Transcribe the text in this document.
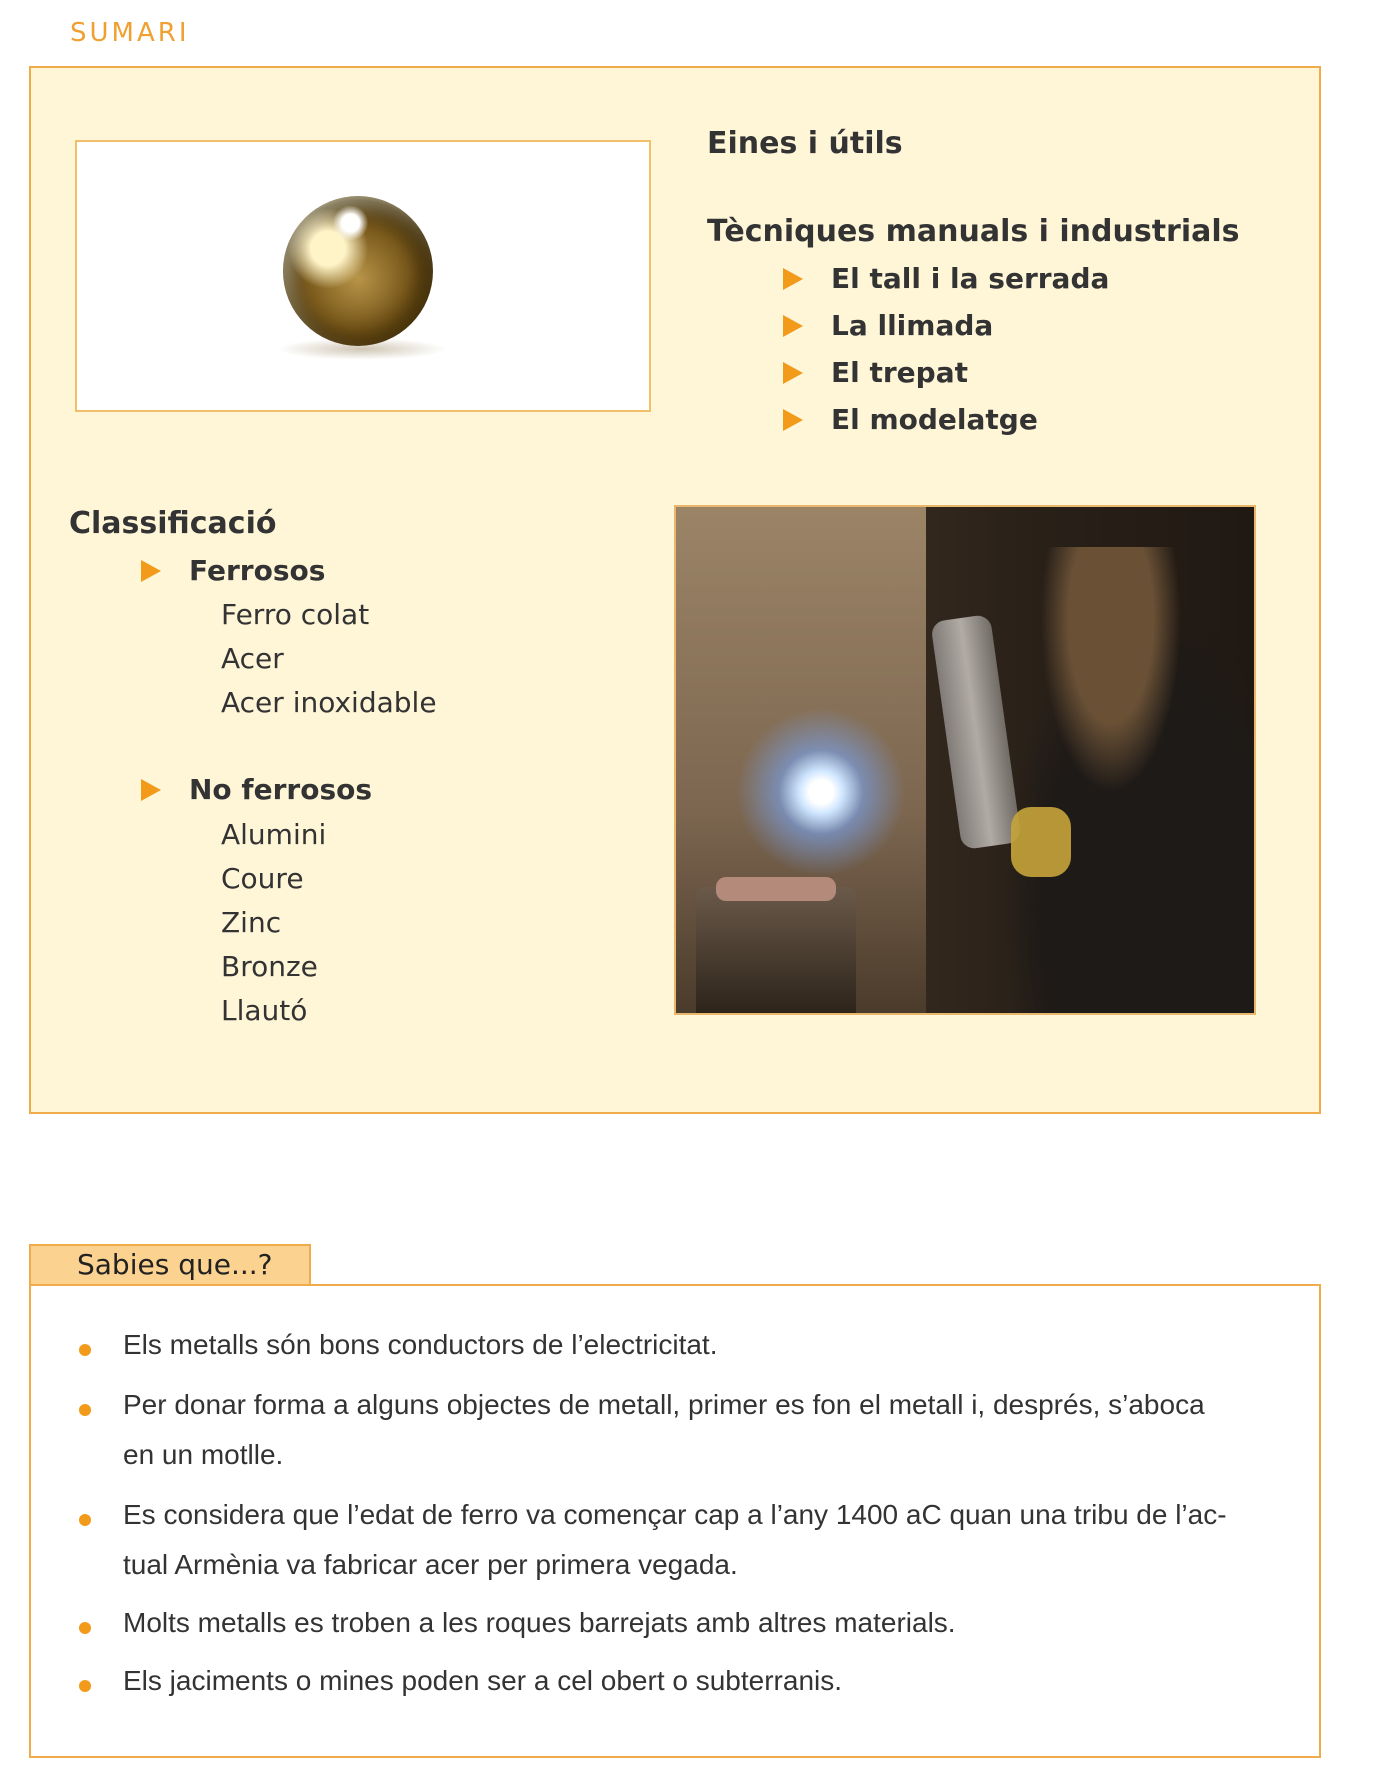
SUMARI
Eines i útils
Tècniques manuals i industrials
El tall i la serrada
La llimada
El trepat
El modelatge
Classificació
Ferrosos
Ferro colat
Acer
Acer inoxidable
No ferrosos
Alumini
Coure
Zinc
Bronze
Llautó
Sabies que...?
Els metalls són bons conductors de l’electricitat.
Per donar forma a alguns objectes de metall, primer es fon el metall i, després, s’aboca
en un motlle.
Es considera que l’edat de ferro va començar cap a l’any 1400 aC quan una tribu de l’ac-
tual Armènia va fabricar acer per primera vegada.
Molts metalls es troben a les roques barrejats amb altres materials.
Els jaciments o mines poden ser a cel obert o subterranis.
